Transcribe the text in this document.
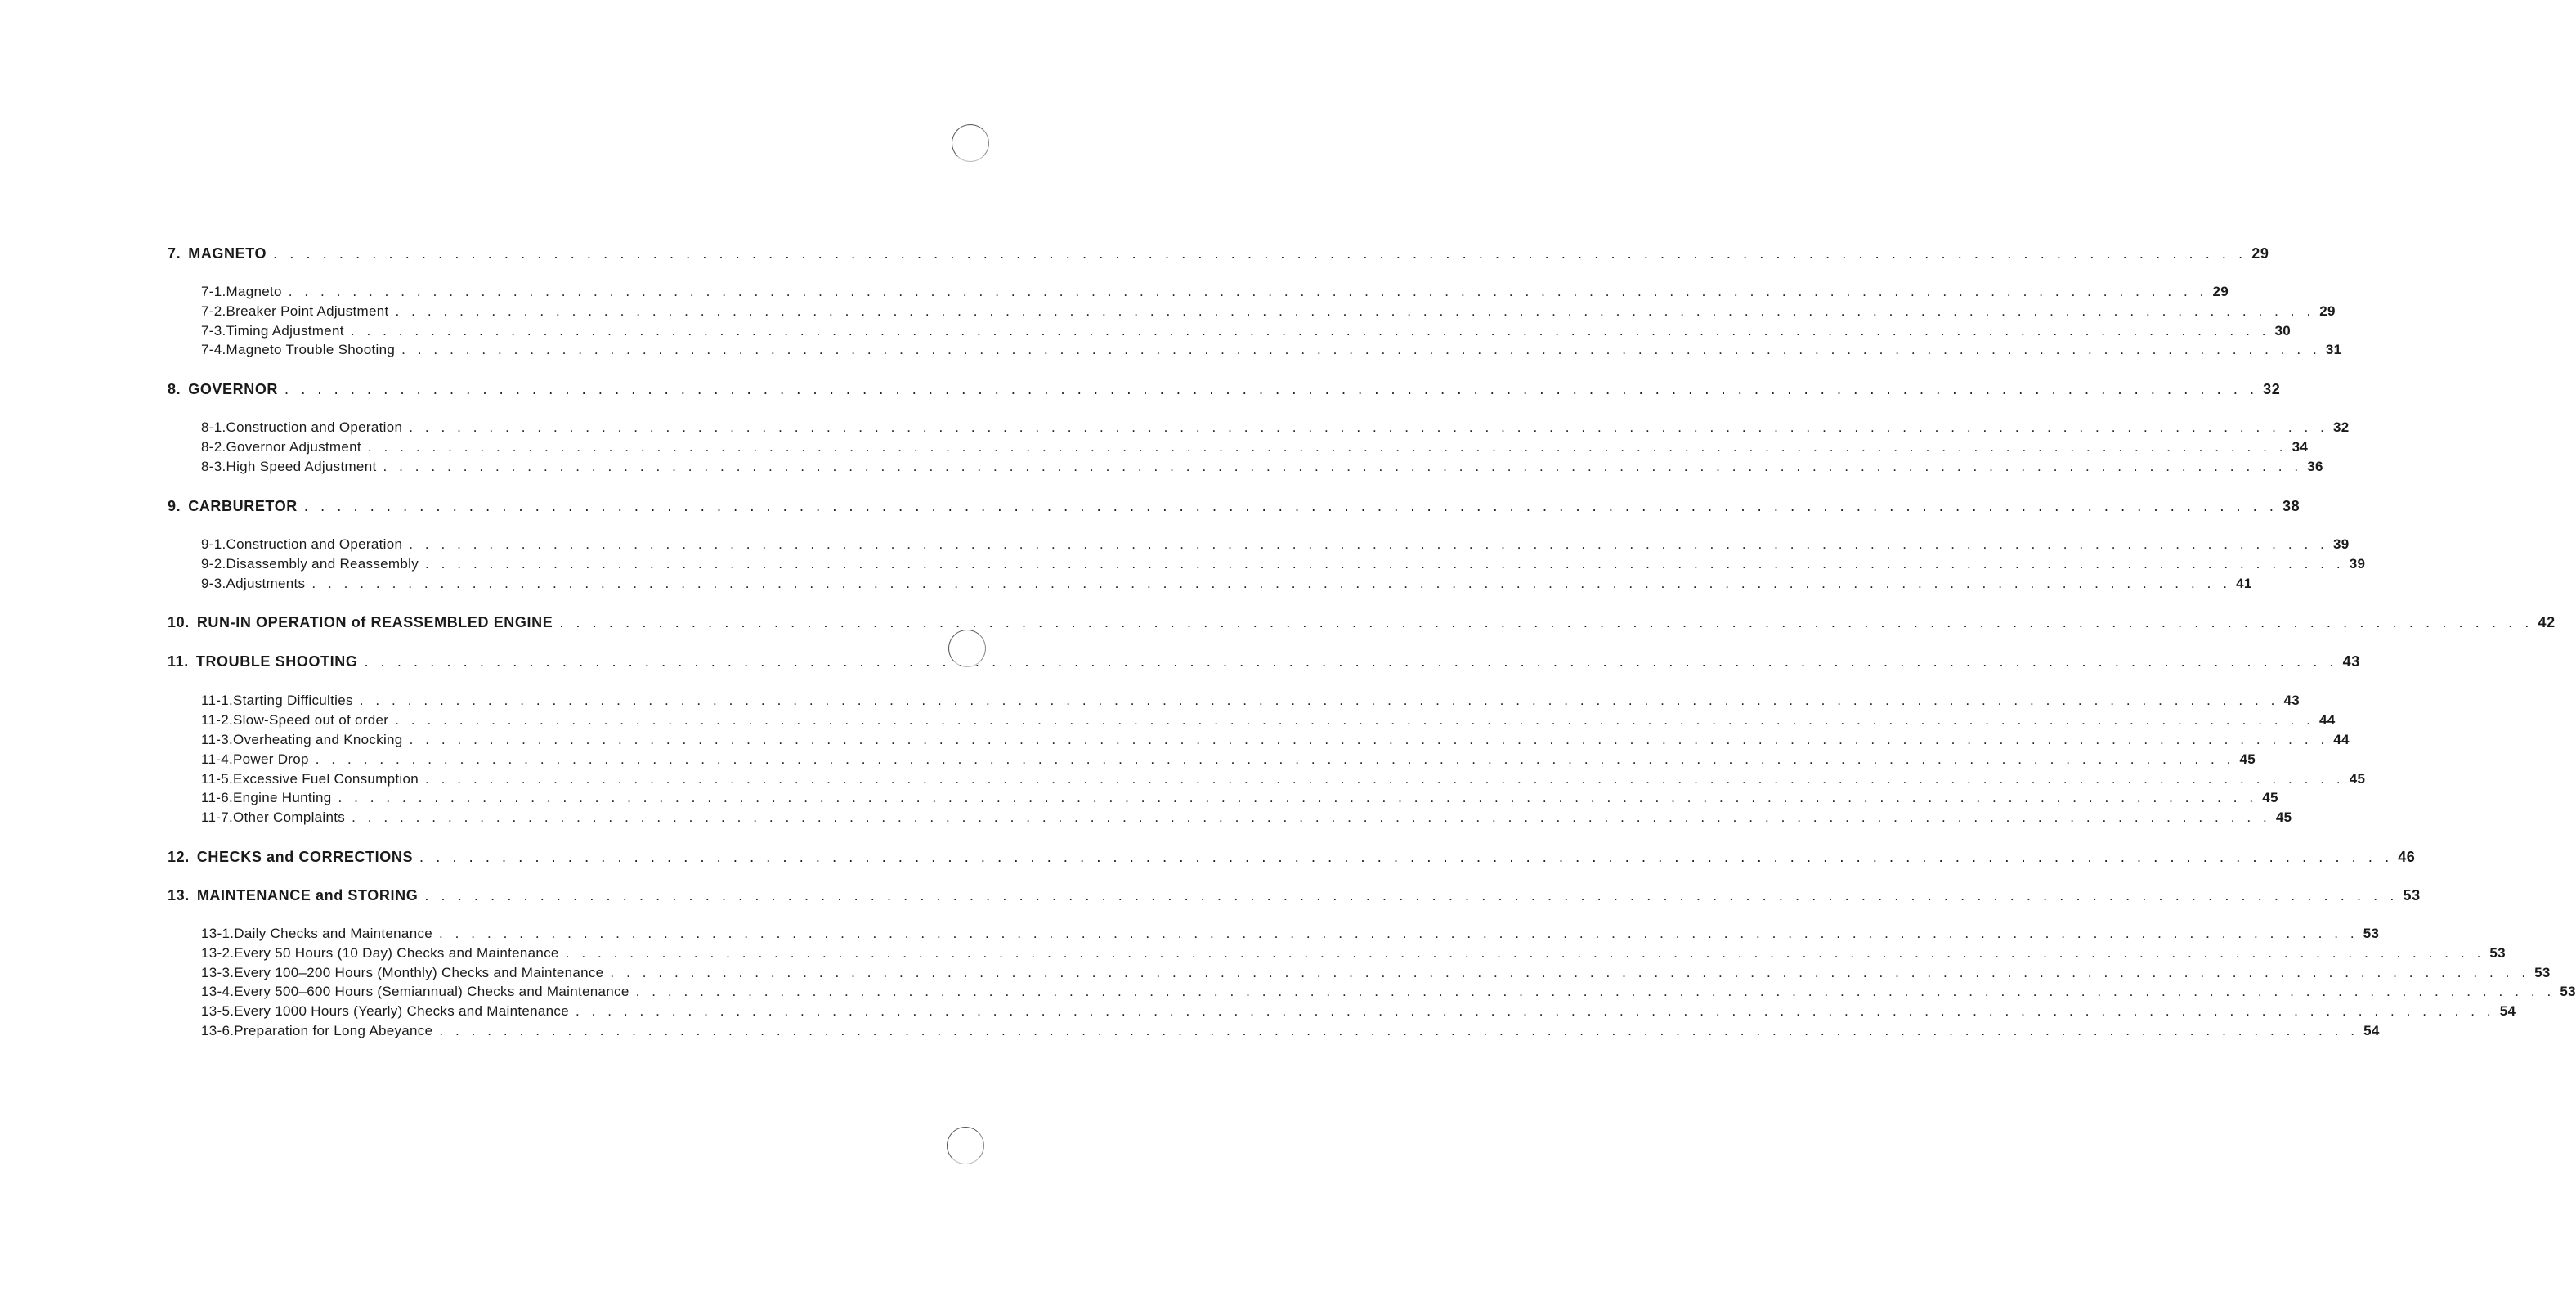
7. MAGNETO . . . . . . . . . . . . . . . . . . . . . . . . . . . . . . . . . . . . . . . . . . . . . . . . . . . . . . . . . . . . . . . . . . . . . . . . . . . . . . . . . . . . . . . . . . . . . . . . . . . . . . . . . . . . . . . . . . . . . . . . 29
7-1. Magneto . . . . . . . . . . . . . . . . . . . . . . . . . . . . . . . . . . . . . . . . . . . . . . . . . . . . . . . . . . . . . . . . . . . . . . . . . . . . . . . . . . . . . . . . . . . . . . . . . . . . . . . . . . . . . . . . . . . . . . . . 29
7-2. Breaker Point Adjustment . . . . . . . . . . . . . . . . . . . . . . . . . . . . . . . . . . . . . . . . . . . . . . . . . . . . . . . . . . . . . . . . . . . . . . . . . . . . . . . . . . . . . . . . . . . . . . . . . . . . . . . . . . . . . . . . . . . . . . . . 29
7-3. Timing Adjustment . . . . . . . . . . . . . . . . . . . . . . . . . . . . . . . . . . . . . . . . . . . . . . . . . . . . . . . . . . . . . . . . . . . . . . . . . . . . . . . . . . . . . . . . . . . . . . . . . . . . . . . . . . . . . . . . . . . . . . . . 30
7-4. Magneto Trouble Shooting . . . . . . . . . . . . . . . . . . . . . . . . . . . . . . . . . . . . . . . . . . . . . . . . . . . . . . . . . . . . . . . . . . . . . . . . . . . . . . . . . . . . . . . . . . . . . . . . . . . . . . . . . . . . . . . . . . . . . . . . 31
8. GOVERNOR . . . . . . . . . . . . . . . . . . . . . . . . . . . . . . . . . . . . . . . . . . . . . . . . . . . . . . . . . . . . . . . . . . . . . . . . . . . . . . . . . . . . . . . . . . . . . . . . . . . . . . . . . . . . . . . . . . . . . . . . 32
8-1. Construction and Operation . . . . . . . . . . . . . . . . . . . . . . . . . . . . . . . . . . . . . . . . . . . . . . . . . . . . . . . . . . . . . . . . . . . . . . . . . . . . . . . . . . . . . . . . . . . . . . . . . . . . . . . . . . . . . . . . . . . . . . . . 32
8-2. Governor Adjustment . . . . . . . . . . . . . . . . . . . . . . . . . . . . . . . . . . . . . . . . . . . . . . . . . . . . . . . . . . . . . . . . . . . . . . . . . . . . . . . . . . . . . . . . . . . . . . . . . . . . . . . . . . . . . . . . . . . . . . . . 34
8-3. High Speed Adjustment . . . . . . . . . . . . . . . . . . . . . . . . . . . . . . . . . . . . . . . . . . . . . . . . . . . . . . . . . . . . . . . . . . . . . . . . . . . . . . . . . . . . . . . . . . . . . . . . . . . . . . . . . . . . . . . . . . . . . . . . 36
9. CARBURETOR . . . . . . . . . . . . . . . . . . . . . . . . . . . . . . . . . . . . . . . . . . . . . . . . . . . . . . . . . . . . . . . . . . . . . . . . . . . . . . . . . . . . . . . . . . . . . . . . . . . . . . . . . . . . . . . . . . . . . . . . 38
9-1. Construction and Operation . . . . . . . . . . . . . . . . . . . . . . . . . . . . . . . . . . . . . . . . . . . . . . . . . . . . . . . . . . . . . . . . . . . . . . . . . . . . . . . . . . . . . . . . . . . . . . . . . . . . . . . . . . . . . . . . . . . . . . . . 39
9-2. Disassembly and Reassembly . . . . . . . . . . . . . . . . . . . . . . . . . . . . . . . . . . . . . . . . . . . . . . . . . . . . . . . . . . . . . . . . . . . . . . . . . . . . . . . . . . . . . . . . . . . . . . . . . . . . . . . . . . . . . . . . . . . . . . . . 39
9-3. Adjustments . . . . . . . . . . . . . . . . . . . . . . . . . . . . . . . . . . . . . . . . . . . . . . . . . . . . . . . . . . . . . . . . . . . . . . . . . . . . . . . . . . . . . . . . . . . . . . . . . . . . . . . . . . . . . . . . . . . . . . . . 41
10. RUN-IN OPERATION of REASSEMBLED ENGINE . . . . . . . . . . . . . . . . . . . . . . . . . . . . . . . . . . . . . . . . . . . . . . . . . . . . . . . . . . . . . . . . . . . . . . . . . . . . . . . . . . . . . . . . . . . . . . . . . . . . . . . . . . . . . . . . . . . . . . . . 42
11. TROUBLE SHOOTING . . . . . . . . . . . . . . . . . . . . . . . . . . . . . . . . . . . . . . . . . . . . . . . . . . . . . . . . . . . . . . . . . . . . . . . . . . . . . . . . . . . . . . . . . . . . . . . . . . . . . . . . . . . . . . . . . . . . . . . . 43
11-1. Starting Difficulties . . . . . . . . . . . . . . . . . . . . . . . . . . . . . . . . . . . . . . . . . . . . . . . . . . . . . . . . . . . . . . . . . . . . . . . . . . . . . . . . . . . . . . . . . . . . . . . . . . . . . . . . . . . . . . . . . . . . . . . . 43
11-2. Slow-Speed out of order . . . . . . . . . . . . . . . . . . . . . . . . . . . . . . . . . . . . . . . . . . . . . . . . . . . . . . . . . . . . . . . . . . . . . . . . . . . . . . . . . . . . . . . . . . . . . . . . . . . . . . . . . . . . . . . . . . . . . . . . 44
11-3. Overheating and Knocking . . . . . . . . . . . . . . . . . . . . . . . . . . . . . . . . . . . . . . . . . . . . . . . . . . . . . . . . . . . . . . . . . . . . . . . . . . . . . . . . . . . . . . . . . . . . . . . . . . . . . . . . . . . . . . . . . . . . . . . . 44
11-4. Power Drop . . . . . . . . . . . . . . . . . . . . . . . . . . . . . . . . . . . . . . . . . . . . . . . . . . . . . . . . . . . . . . . . . . . . . . . . . . . . . . . . . . . . . . . . . . . . . . . . . . . . . . . . . . . . . . . . . . . . . . . . 45
11-5. Excessive Fuel Consumption . . . . . . . . . . . . . . . . . . . . . . . . . . . . . . . . . . . . . . . . . . . . . . . . . . . . . . . . . . . . . . . . . . . . . . . . . . . . . . . . . . . . . . . . . . . . . . . . . . . . . . . . . . . . . . . . . . . . . . . . 45
11-6. Engine Hunting . . . . . . . . . . . . . . . . . . . . . . . . . . . . . . . . . . . . . . . . . . . . . . . . . . . . . . . . . . . . . . . . . . . . . . . . . . . . . . . . . . . . . . . . . . . . . . . . . . . . . . . . . . . . . . . . . . . . . . . . 45
11-7. Other Complaints . . . . . . . . . . . . . . . . . . . . . . . . . . . . . . . . . . . . . . . . . . . . . . . . . . . . . . . . . . . . . . . . . . . . . . . . . . . . . . . . . . . . . . . . . . . . . . . . . . . . . . . . . . . . . . . . . . . . . . . . 45
12. CHECKS and CORRECTIONS . . . . . . . . . . . . . . . . . . . . . . . . . . . . . . . . . . . . . . . . . . . . . . . . . . . . . . . . . . . . . . . . . . . . . . . . . . . . . . . . . . . . . . . . . . . . . . . . . . . . . . . . . . . . . . . . . . . . . . . . 46
13. MAINTENANCE and STORING . . . . . . . . . . . . . . . . . . . . . . . . . . . . . . . . . . . . . . . . . . . . . . . . . . . . . . . . . . . . . . . . . . . . . . . . . . . . . . . . . . . . . . . . . . . . . . . . . . . . . . . . . . . . . . . . . . . . . . . . 53
13-1. Daily Checks and Maintenance . . . . . . . . . . . . . . . . . . . . . . . . . . . . . . . . . . . . . . . . . . . . . . . . . . . . . . . . . . . . . . . . . . . . . . . . . . . . . . . . . . . . . . . . . . . . . . . . . . . . . . . . . . . . . . . . . . . . . . . . 53
13-2. Every 50 Hours (10 Day) Checks and Maintenance . . . . . . . . . . . . . . . . . . . . . . . . . . . . . . . . . . . . . . . . . . . . . . . . . . . . . . . . . . . . . . . . . . . . . . . . . . . . . . . . . . . . . . . . . . . . . . . . . . . . . . . . . . . . . . . . . . . . . . . . 53
13-3. Every 100–200 Hours (Monthly) Checks and Maintenance . . . . . . . . . . . . . . . . . . . . . . . . . . . . . . . . . . . . . . . . . . . . . . . . . . . . . . . . . . . . . . . . . . . . . . . . . . . . . . . . . . . . . . . . . . . . . . . . . . . . . . . . . . . . . . . . . . . . . . . . 53
13-4. Every 500–600 Hours (Semiannual) Checks and Maintenance . . . . . . . . . . . . . . . . . . . . . . . . . . . . . . . . . . . . . . . . . . . . . . . . . . . . . . . . . . . . . . . . . . . . . . . . . . . . . . . . . . . . . . . . . . . . . . . . . . . . . . . . . . . . . . . . . . . . . . . . 53
13-5. Every 1000 Hours (Yearly) Checks and Maintenance . . . . . . . . . . . . . . . . . . . . . . . . . . . . . . . . . . . . . . . . . . . . . . . . . . . . . . . . . . . . . . . . . . . . . . . . . . . . . . . . . . . . . . . . . . . . . . . . . . . . . . . . . . . . . . . . . . . . . . . . 54
13-6. Preparation for Long Abeyance . . . . . . . . . . . . . . . . . . . . . . . . . . . . . . . . . . . . . . . . . . . . . . . . . . . . . . . . . . . . . . . . . . . . . . . . . . . . . . . . . . . . . . . . . . . . . . . . . . . . . . . . . . . . . . . . . . . . . . . . 54
